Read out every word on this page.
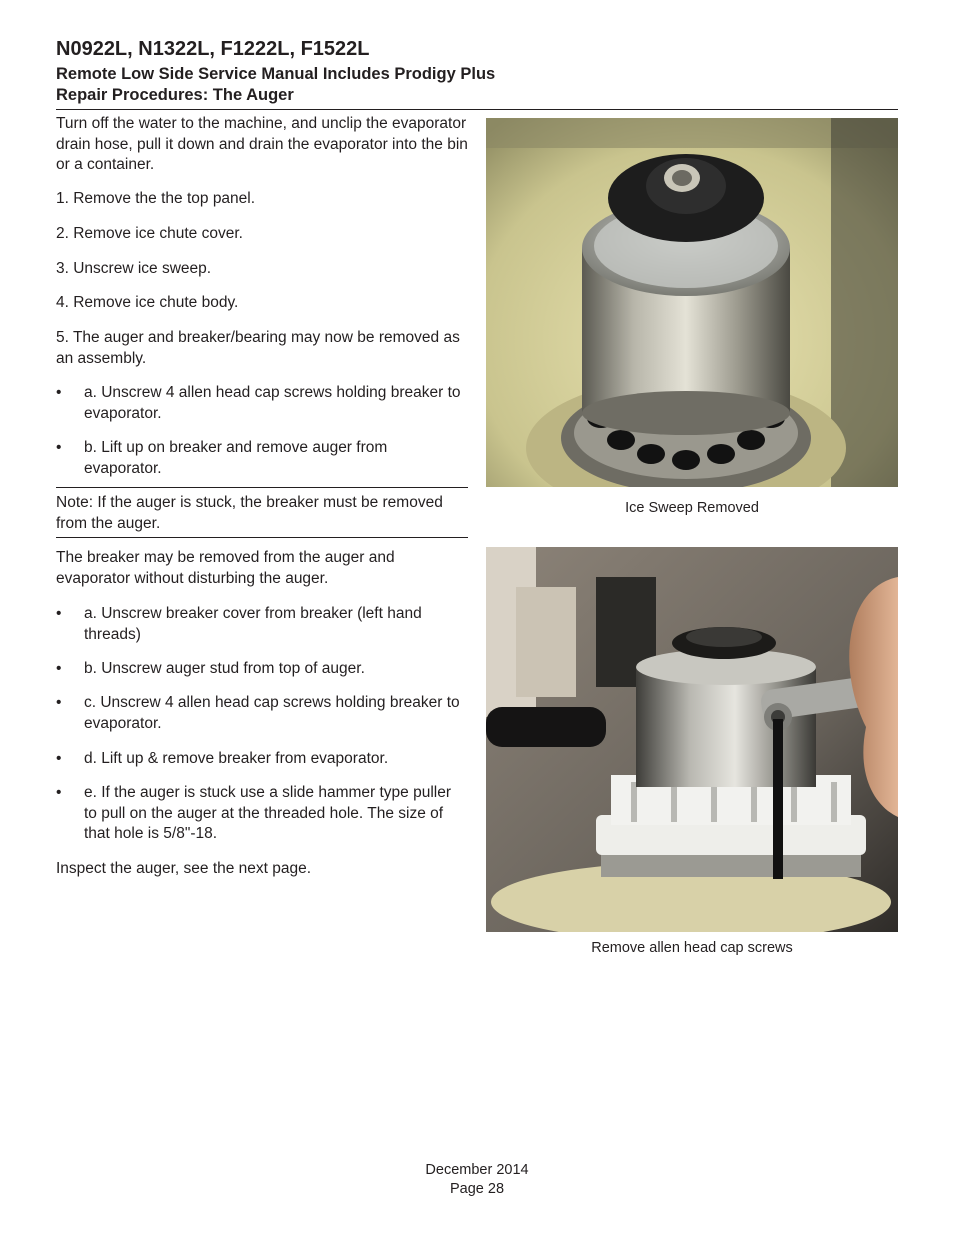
N0922L, N1322L, F1222L, F1522L
Remote Low Side Service Manual Includes Prodigy Plus
Repair Procedures: The Auger

Turn off the water to the machine, and unclip the evaporator drain hose, pull it down and drain the evaporator into the bin or a container.

1. Remove the the top panel.

2. Remove ice chute cover.

3. Unscrew ice sweep.

4. Remove ice chute body.

5. The auger and breaker/bearing may now be removed as an assembly.

•	a. Unscrew 4 allen head cap screws holding breaker to evaporator.
•	b. Lift up on breaker and remove auger from evaporator.

Note: If the auger is stuck, the breaker must be removed from the auger.

The breaker may be removed from the auger and evaporator without disturbing the auger.

•	a. Unscrew breaker cover from breaker (left hand threads)
•	b. Unscrew auger stud from top of auger.
•	c. Unscrew 4 allen head cap screws holding breaker to evaporator.
•	d. Lift up & remove breaker from evaporator.
•	e. If the auger is stuck use a slide hammer type puller to pull on the auger at the threaded hole. The size of that hole is 5/8"-18.

Inspect the auger, see the next page.

Ice Sweep Removed
Remove allen head cap screws
December 2014
Page 28
